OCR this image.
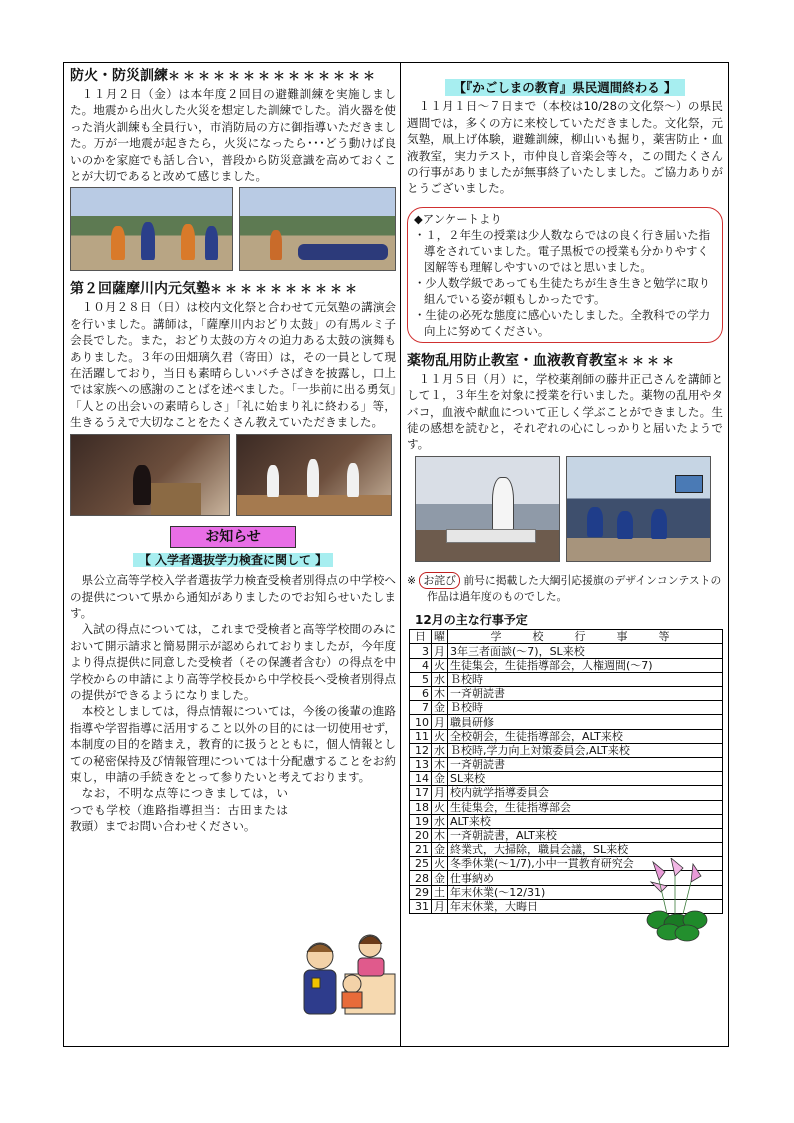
防火・防災訓練＊＊＊＊＊＊＊＊＊＊＊＊＊＊

１１月２日（金）は本年度２回目の避難訓練を実施しました。地震から出火した火災を想定した訓練でした。消火器を使った消火訓練も全員行い，市消防局の方に御指導いただきました。万が一地震が起きたら，火災になったら･･･どう動けば良いのかを家庭でも話し合い，普段から防災意識を高めておくことが大切であると改めて感じました。

第２回薩摩川内元気塾＊＊＊＊＊＊＊＊＊＊

１０月２８日（日）は校内文化祭と合わせて元気塾の講演会を行いました。講師は，「薩摩川内おどり太鼓」の有馬ルミ子会長でした。また，おどり太鼓の方々の迫力ある太鼓の演舞もありました。３年の田畑璃久君（寄田）は，その一員として現在活躍しており，当日も素晴らしいバチさばきを披露し，口上では家族への感謝のことばを述べました。「一歩前に出る勇気」「人との出会いの素晴らしさ」「礼に始まり礼に終わる」等，生きるうえで大切なことをたくさん教えていただきました。

お知らせ
【 入学者選抜学力検査に関して 】

県公立高等学校入学者選抜学力検査受検者別得点の中学校への提供について県から通知がありましたのでお知らせいたします。

入試の得点については，これまで受検者と高等学校間のみにおいて開示請求と簡易開示が認められておりましたが，今年度より得点提供に同意した受検者（その保護者含む）の得点を中学校からの申請により高等学校長から中学校長へ受検者別得点の提供ができるようになりました。

本校としましては，得点情報については，今後の後輩の進路指導や学習指導に活用すること以外の目的には一切使用せず，本制度の目的を踏まえ，教育的に扱うとともに，個人情報としての秘密保持及び情報管理については十分配慮することをお約束し，申請の手続きをとって参りたいと考えております。

なお，不明な点等につきましては，いつでも学校（進路指導担当：古田または教頭）までお問い合わせください。

【『かごしまの教育』県民週間終わる 】

１１月１日〜７日まで（本校は10/28の文化祭〜）の県民週間では，多くの方に来校していただきました。文化祭，元気塾，凧上げ体験，避難訓練，柳山いも掘り，薬害防止・血液教室，実力テスト，市仲良し音楽会等々，この間たくさんの行事がありましたが無事終了いたしました。ご協力ありがとうございました。

◆アンケートより
・１，２年生の授業は少人数ならではの良く行き届いた指導をされていました。電子黒板での授業も分かりやすく図解等も理解しやすいのではと思いました。
・少人数学級であっても生徒たちが生き生きと勉学に取り組んでいる姿が頼もしかったです。
・生徒の必死な態度に感心いたしました。全教科での学力向上に努めてください。
薬物乱用防止教室・血液教育教室＊＊＊＊

１１月５日（月）に，学校薬剤師の藤井正己さんを講師として１，３年生を対象に授業を行いました。薬物の乱用やタバコ，血液や献血について正しく学ぶことができました。生徒の感想を読むと，それぞれの心にしっかりと届いたようです。

※ お詫び 前号に掲載した大綱引応援旗のデザインコンテストの作品は過年度のものでした。

12月の主な行事予定
日	曜	学　校　行　事　等
3	月	3年三者面談(〜7)，SL来校
4	火	生徒集会，生徒指導部会，人権週間(〜7)
5	水	Ｂ校時
6	木	一斉朝読書
7	金	Ｂ校時
10	月	職員研修
11	火	全校朝会，生徒指導部会，ALT来校
12	水	Ｂ校時,学力向上対策委員会,ALT来校
13	木	一斉朝読書
14	金	SL来校
17	月	校内就学指導委員会
18	火	生徒集会，生徒指導部会
19	水	ALT来校
20	木	一斉朝読書，ALT来校
21	金	終業式，大掃除，職員会議，SL来校
25	火	冬季休業(〜1/7),小中一貫教育研究会
28	金	仕事納め
29	土	年末休業(〜12/31)
31	月	年末休業，大晦日
